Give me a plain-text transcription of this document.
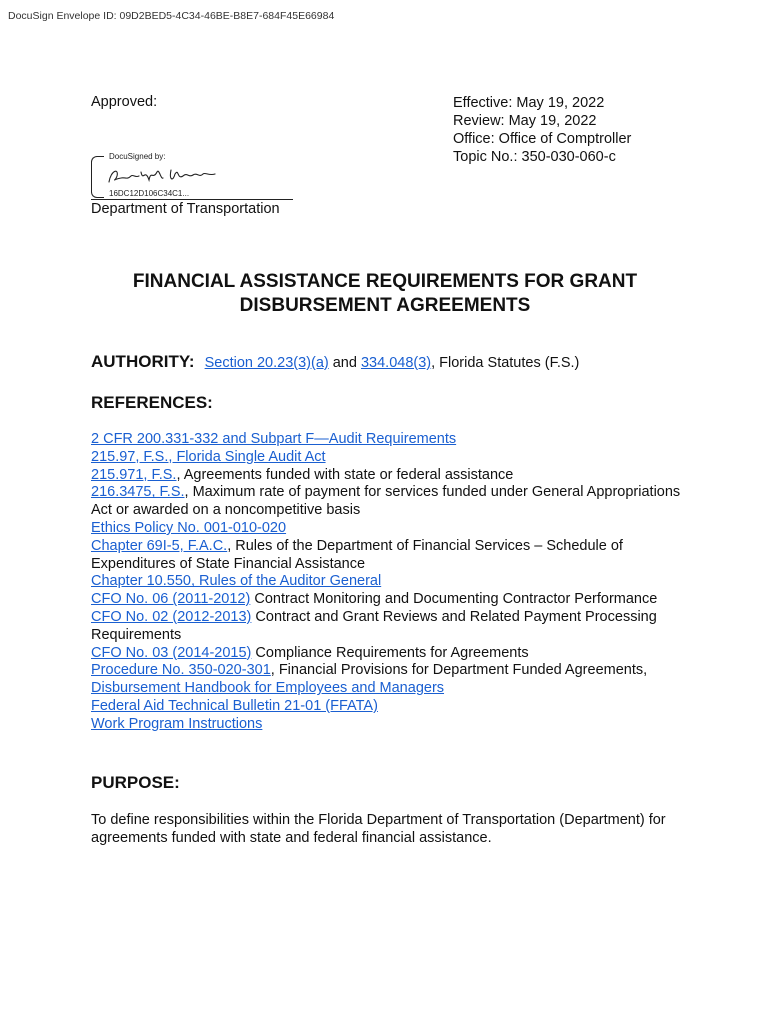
DocuSign Envelope ID: 09D2BED5-4C34-46BE-B8E7-684F45E66984
Approved:	Effective: May 19, 2022
Review: May 19, 2022
Office: Office of Comptroller
Topic No.: 350-030-060-c
DocuSigned by:
16DC12D106C34C1...
Department of Transportation
FINANCIAL ASSISTANCE REQUIREMENTS FOR GRANT
DISBURSEMENT AGREEMENTS
AUTHORITY: Section 20.23(3)(a) and 334.048(3), Florida Statutes (F.S.)
REFERENCES:
2 CFR 200.331-332 and Subpart F—Audit Requirements
215.97, F.S., Florida Single Audit Act
215.971, F.S., Agreements funded with state or federal assistance
216.3475, F.S., Maximum rate of payment for services funded under General Appropriations Act or awarded on a noncompetitive basis
Ethics Policy No. 001-010-020
Chapter 69I-5, F.A.C., Rules of the Department of Financial Services – Schedule of Expenditures of State Financial Assistance
Chapter 10.550, Rules of the Auditor General
CFO No. 06 (2011-2012) Contract Monitoring and Documenting Contractor Performance
CFO No. 02 (2012-2013) Contract and Grant Reviews and Related Payment Processing Requirements
CFO No. 03 (2014-2015) Compliance Requirements for Agreements
Procedure No. 350-020-301, Financial Provisions for Department Funded Agreements,
Disbursement Handbook for Employees and Managers
Federal Aid Technical Bulletin 21-01 (FFATA)
Work Program Instructions
PURPOSE:
To define responsibilities within the Florida Department of Transportation (Department) for agreements funded with state and federal financial assistance.
